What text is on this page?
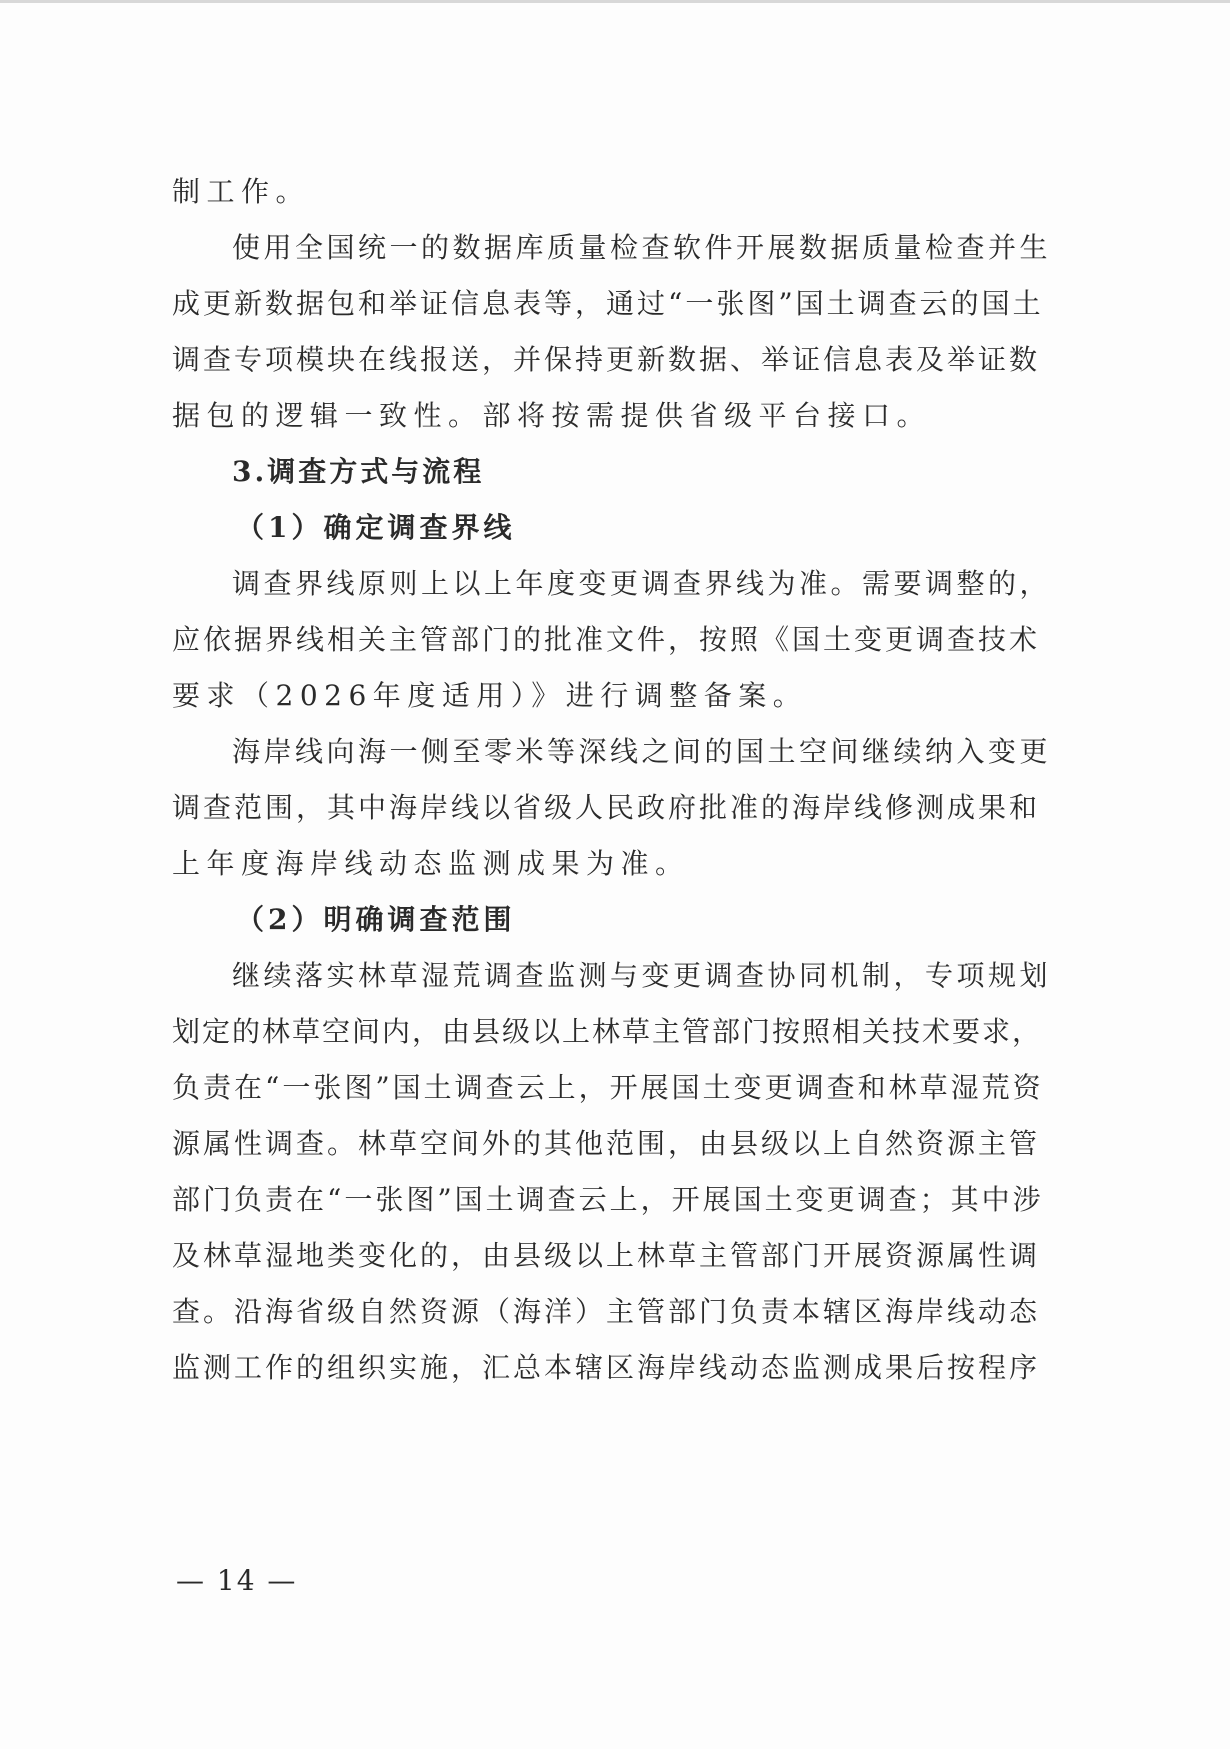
制工作。
使用全国统一的数据库质量检查软件开展数据质量检查并生
成更新数据包和举证信息表等，通过“一张图”国土调查云的国土
调查专项模块在线报送，并保持更新数据、举证信息表及举证数
据包的逻辑一致性。部将按需提供省级平台接口。
3.调查方式与流程
（1）确定调查界线
调查界线原则上以上年度变更调查界线为准。需要调整的，
应依据界线相关主管部门的批准文件，按照《国土变更调查技术
要求（2026年度适用）》进行调整备案。
海岸线向海一侧至零米等深线之间的国土空间继续纳入变更
调查范围，其中海岸线以省级人民政府批准的海岸线修测成果和
上年度海岸线动态监测成果为准。
（2）明确调查范围
继续落实林草湿荒调查监测与变更调查协同机制，专项规划
划定的林草空间内，由县级以上林草主管部门按照相关技术要求，
负责在“一张图”国土调查云上，开展国土变更调查和林草湿荒资
源属性调查。林草空间外的其他范围，由县级以上自然资源主管
部门负责在“一张图”国土调查云上，开展国土变更调查；其中涉
及林草湿地类变化的，由县级以上林草主管部门开展资源属性调
查。沿海省级自然资源（海洋）主管部门负责本辖区海岸线动态
监测工作的组织实施，汇总本辖区海岸线动态监测成果后按程序
— 14 —
